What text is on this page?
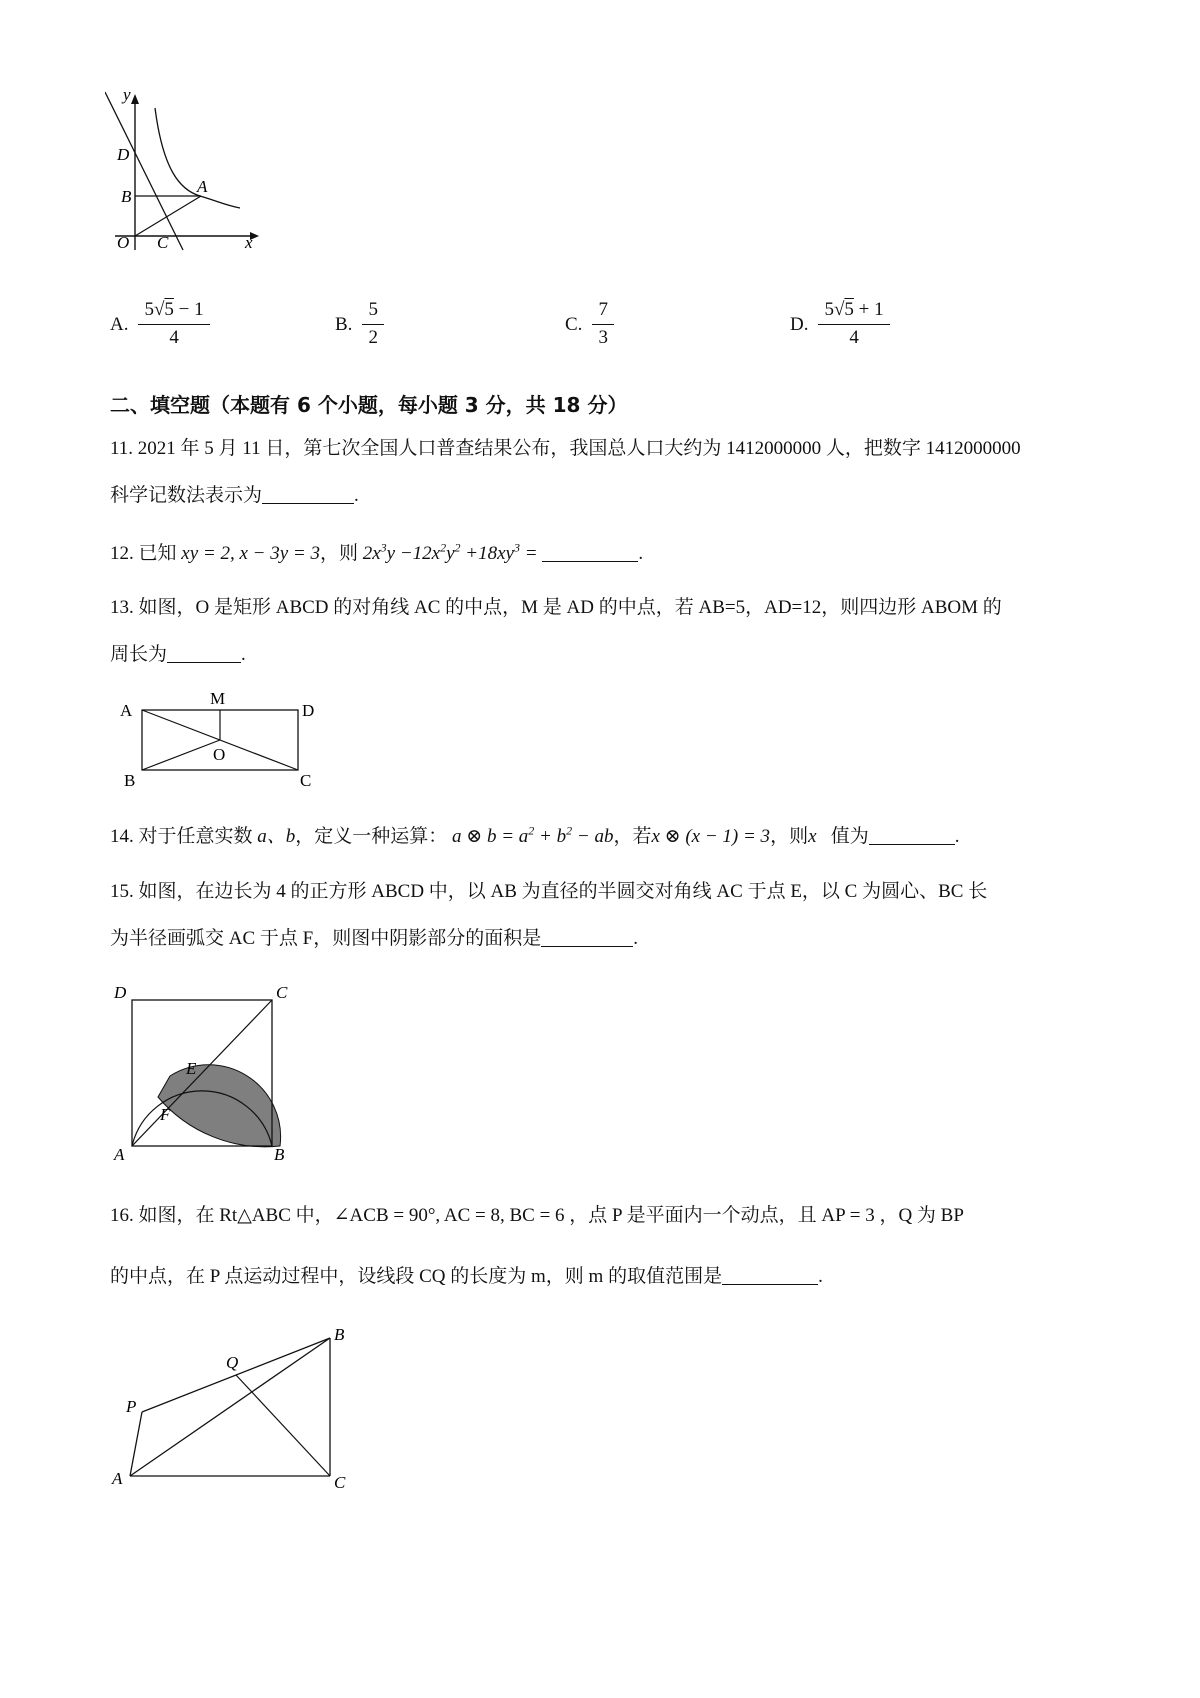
y
x
D
B
A
O C
A. $\frac{5√5 - 1}{4}$	B. $\frac{5}{2}$	C. $\frac{7}{3}$	D. $\frac{5√5 + 1}{4}$
二、填空题（本题有 6 个小题，每小题 3 分，共 18 分）
11. 2021 年 5 月 11 日，第七次全国人口普查结果公布，我国总人口大约为 1412000000 人，把数字 1412000000
科学记数法表示为	.
12. 已知 xy = 2, x − 3y = 3，则 $2x^3y -12x^2y^2 +18xy^3$ =	.
13. 如图，O 是矩形 ABCD 的对角线 AC 的中点，M 是 AD 的中点，若 AB=5，AD=12，则四边形 ABOM 的
周长为	.
A
M
D
B
O
C
14. 对于任意实数 a、b，定义一种运算： a ⊗ $b = a^2 + b^2$ − ab，若x ⊗ (x − 1) = 3，则x 值为	.
15. 如图，在边长为 4 的正方形 ABCD 中，以 AB 为直径的半圆交对角线 AC 于点 E，以 C 为圆心、BC 长
为半径画弧交 AC 于点 F，则图中阴影部分的面积是	.
D	C
E
F
A	B
16. 如图，在 Rt△ABC 中，∠ACB = 90°, AC = 8, BC = 6 ，点 P 是平面内一个动点，且 AP = 3 ，Q 为 BP
的中点，在 P 点运动过程中，设线段 CQ 的长度为 m，则 m 的取值范围是	.
B
Q
P
A	C
